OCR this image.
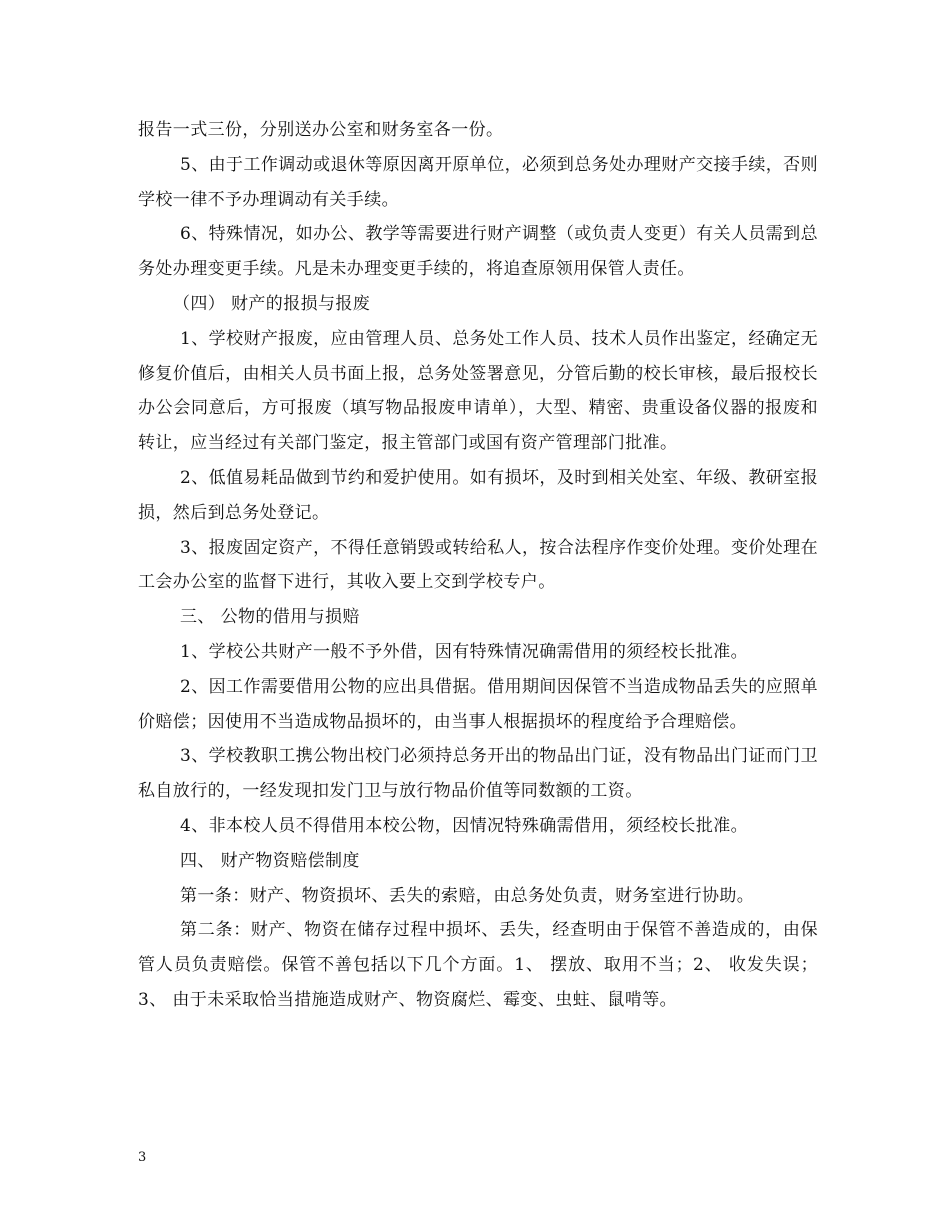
报告一式三份，分别送办公室和财务室各一份。

5、由于工作调动或退休等原因离开原单位，必须到总务处办理财产交接手续，否则学校一律不予办理调动有关手续。

6、特殊情况，如办公、教学等需要进行财产调整（或负责人变更）有关人员需到总务处办理变更手续。凡是未办理变更手续的，将追查原领用保管人责任。

（四） 财产的报损与报废

1、学校财产报废，应由管理人员、总务处工作人员、技术人员作出鉴定，经确定无修复价值后，由相关人员书面上报，总务处签署意见，分管后勤的校长审核，最后报校长办公会同意后，方可报废（填写物品报废申请单），大型、精密、贵重设备仪器的报废和转让，应当经过有关部门鉴定，报主管部门或国有资产管理部门批准。

2、低值易耗品做到节约和爱护使用。如有损坏，及时到相关处室、年级、教研室报损，然后到总务处登记。

3、报废固定资产，不得任意销毁或转给私人，按合法程序作变价处理。变价处理在工会办公室的监督下进行，其收入要上交到学校专户。

三、 公物的借用与损赔

1、学校公共财产一般不予外借，因有特殊情况确需借用的须经校长批准。

2、因工作需要借用公物的应出具借据。借用期间因保管不当造成物品丢失的应照单价赔偿；因使用不当造成物品损坏的，由当事人根据损坏的程度给予合理赔偿。

3、学校教职工携公物出校门必须持总务开出的物品出门证，没有物品出门证而门卫私自放行的，一经发现扣发门卫与放行物品价值等同数额的工资。

4、非本校人员不得借用本校公物，因情况特殊确需借用，须经校长批准。

四、 财产物资赔偿制度

第一条：财产、物资损坏、丢失的索赔，由总务处负责，财务室进行协助。

第二条：财产、物资在储存过程中损坏、丢失，经查明由于保管不善造成的，由保管人员负责赔偿。保管不善包括以下几个方面。1、 摆放、取用不当；2、 收发失误；3、 由于未采取恰当措施造成财产、物资腐烂、霉变、虫蛀、鼠啃等。

3
